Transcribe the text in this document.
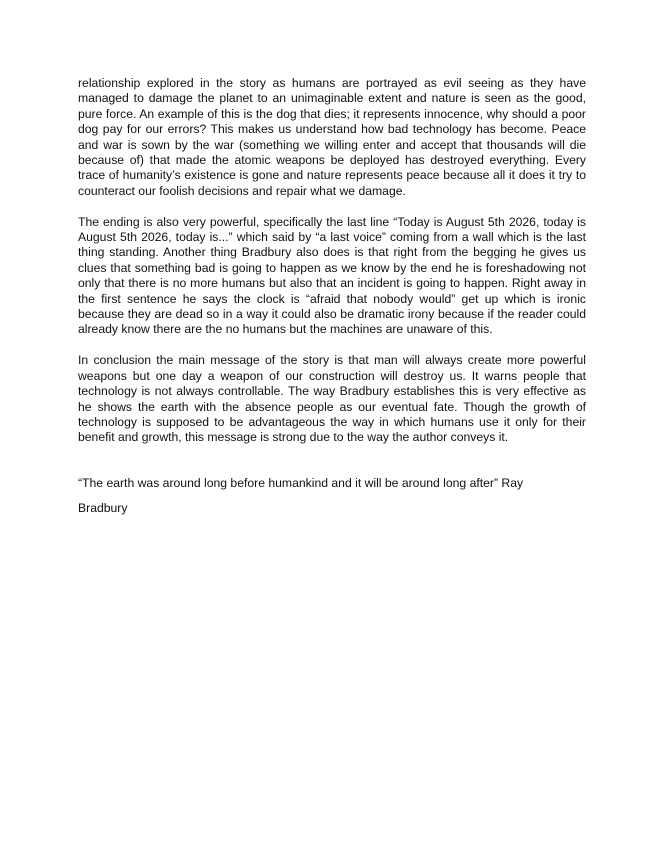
relationship explored in the story as humans are portrayed as evil seeing as they have managed to damage the planet to an unimaginable extent and nature is seen as the good, pure force. An example of this is the dog that dies; it represents innocence, why should a poor dog pay for our errors? This makes us understand how bad technology has become. Peace and war is sown by the war (something we willing enter and accept that thousands will die because of) that made the atomic weapons be deployed has destroyed everything. Every trace of humanity’s existence is gone and nature represents peace because all it does it try to counteract our foolish decisions and repair what we damage.

The ending is also very powerful, specifically the last line “Today is August 5th 2026, today is August 5th 2026, today is...” which said by “a last voice” coming from a wall which is the last thing standing. Another thing Bradbury also does is that right from the begging he gives us clues that something bad is going to happen as we know by the end he is foreshadowing not only that there is no more humans but also that an incident is going to happen. Right away in the first sentence he says the clock is “afraid that nobody would” get up which is ironic because they are dead so in a way it could also be dramatic irony because if the reader could already know there are the no humans but the machines are unaware of this.

In conclusion the main message of the story is that man will always create more powerful weapons but one day a weapon of our construction will destroy us. It warns people that technology is not always controllable. The way Bradbury establishes this is very effective as he shows the earth with the absence people as our eventual fate. Though the growth of technology is supposed to be advantageous the way in which humans use it only for their benefit and growth, this message is strong due to the way the author conveys it.

“The earth was around long before humankind and it will be around long after” Ray

Bradbury
